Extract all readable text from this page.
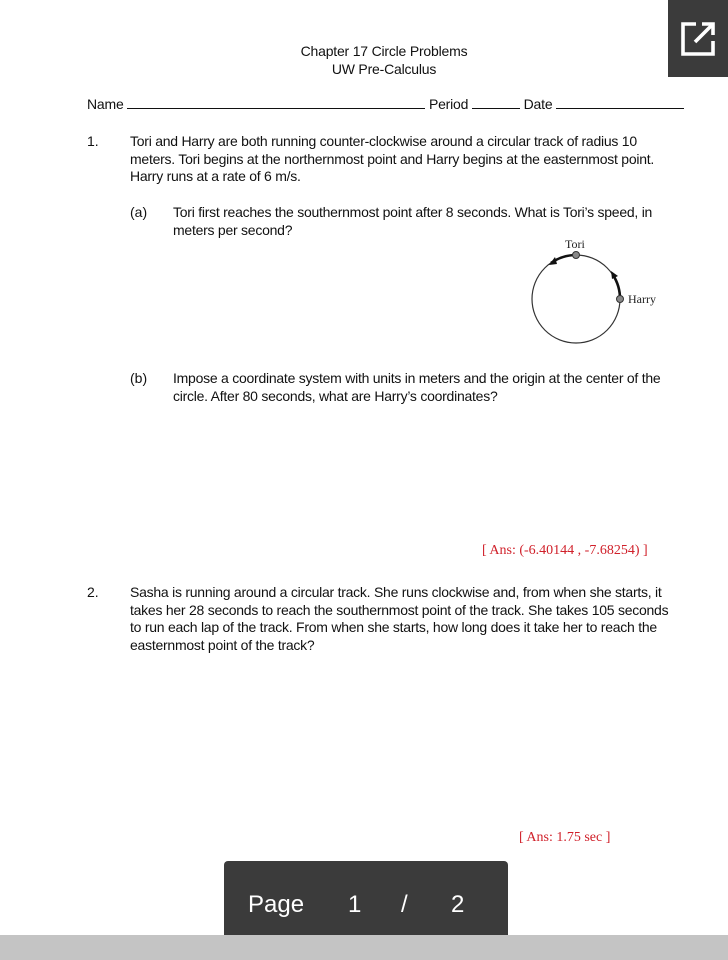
Chapter 17 Circle Problems
UW Pre-Calculus
Name	Period	Date
1. Tori and Harry are both running counter-clockwise around a circular track of radius 10 meters. Tori begins at the northernmost point and Harry begins at the easternmost point. Harry runs at a rate of 6 m/s.
(a) Tori first reaches the southernmost point after 8 seconds. What is Tori’s speed, in meters per second?
Tori
Harry
(b) Impose a coordinate system with units in meters and the origin at the center of the circle. After 80 seconds, what are Harry’s coordinates?
[ Ans: (-6.40144 , -7.68254) ]
2. Sasha is running around a circular track. She runs clockwise and, from when she starts, it takes her 28 seconds to reach the southernmost point of the track. She takes 105 seconds to run each lap of the track. From when she starts, how long does it take her to reach the easternmost point of the track?
[ Ans: 1.75 sec ]
Page 1 / 2
